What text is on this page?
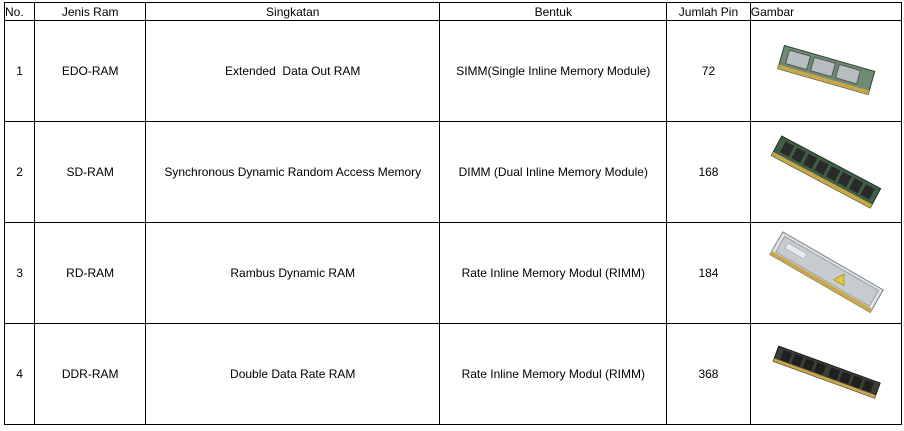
No.	Jenis Ram	Singkatan	Bentuk	Jumlah Pin	Gambar
1	EDO-RAM	Extended  Data Out RAM	SIMM(Single Inline Memory Module)	72	

2	SD-RAM	Synchronous Dynamic Random Access Memory	DIMM (Dual Inline Memory Module)	168	

3	RD-RAM	Rambus Dynamic RAM	Rate Inline Memory Modul (RIMM)	184	

4	DDR-RAM	Double Data Rate RAM	Rate Inline Memory Modul (RIMM)	368	
